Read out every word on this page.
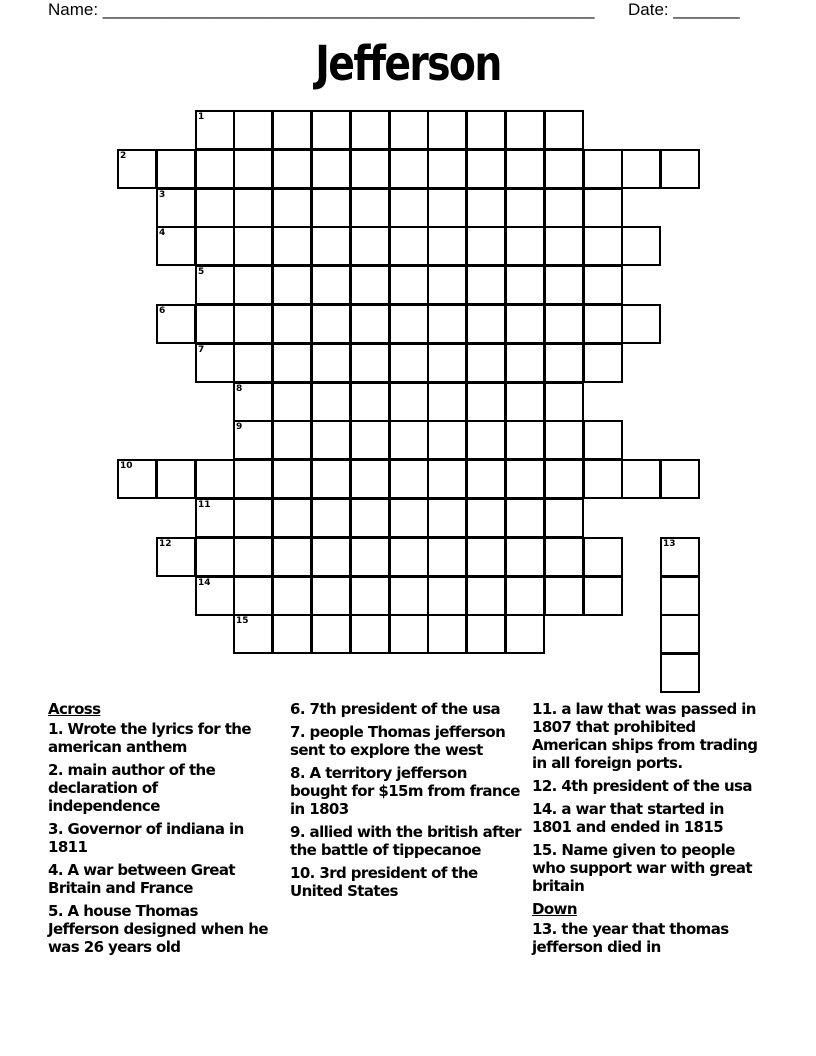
Name: ____________________________________________________ Date: _______
Jefferson
1
2
3
4
5
6
7
8
9
10
11
12
14
15
13
Across
1. Wrote the lyrics for the american anthem
2. main author of the declaration of independence
3. Governor of indiana in 1811
4. A war between Great Britain and France
5. A house Thomas Jefferson designed when he was 26 years old
6. 7th president of the usa
7. people Thomas jefferson sent to explore the west
8. A territory jefferson bought for $15m from france in 1803
9. allied with the british after the battle of tippecanoe
10. 3rd president of the United States
11. a law that was passed in 1807 that prohibited American ships from trading in all foreign ports.
12. 4th president of the usa
14. a war that started in 1801 and ended in 1815
15. Name given to people who support war with great britain
Down
13. the year that thomas jefferson died in
